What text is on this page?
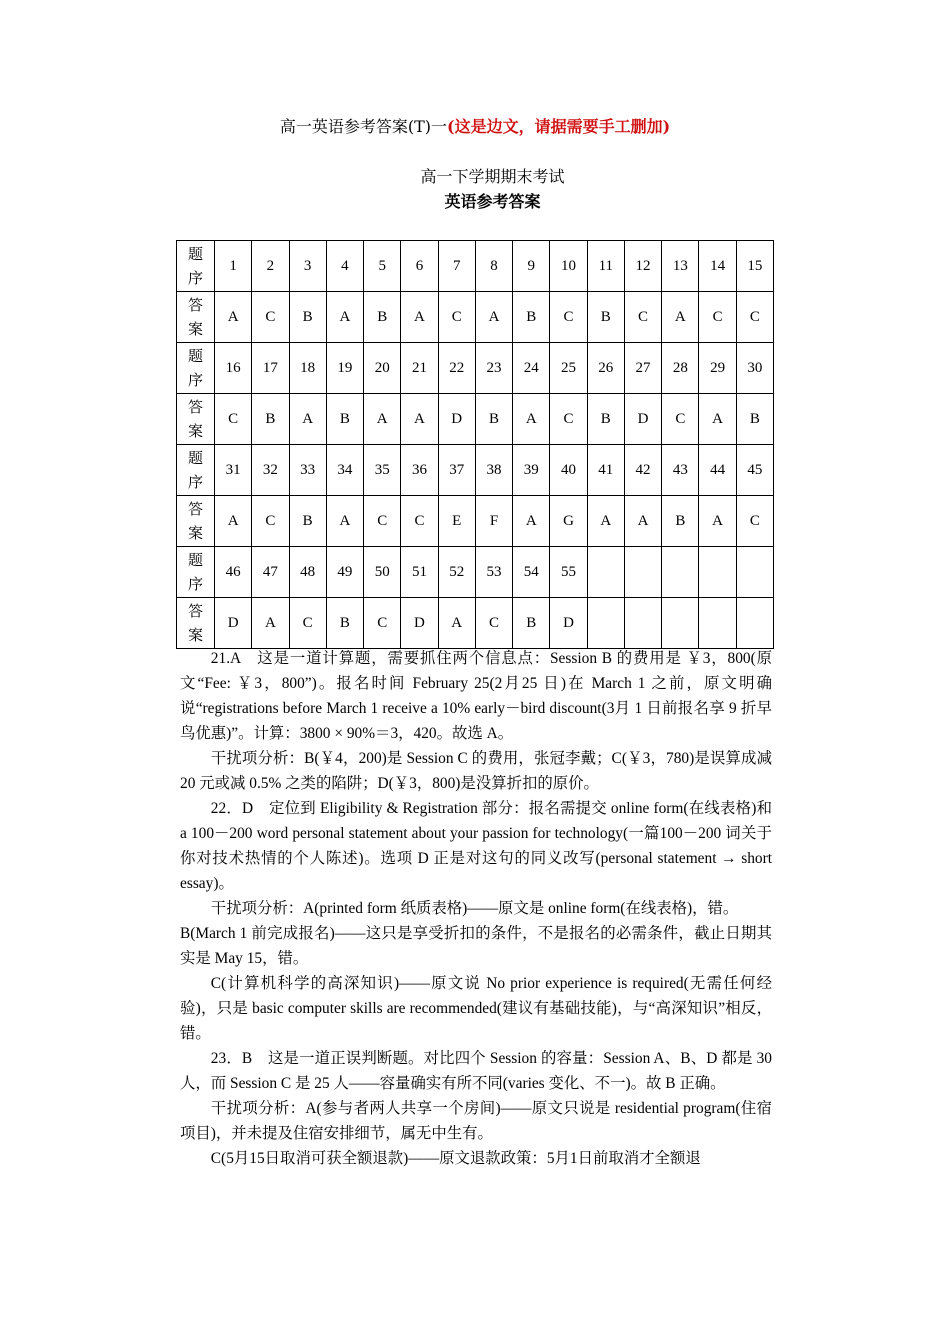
高一英语参考答案(T)一(这是边文，请据需要手工删加)
高一下学期期末考试
英语参考答案
题
序	1	2	3	4	5	6	7	8	9	10	11	12	13	14	15
答
案	A	C	B	A	B	A	C	A	B	C	B	C	A	C	C
题
序	16	17	18	19	20	21	22	23	24	25	26	27	28	29	30
答
案	C	B	A	B	A	A	D	B	A	C	B	D	C	A	B
题
序	31	32	33	34	35	36	37	38	39	40	41	42	43	44	45
答
案	A	C	B	A	C	C	E	F	A	G	A	A	B	A	C
题
序	46	47	48	49	50	51	52	53	54	55					
答
案	D	A	C	B	C	D	A	C	B	D					

21.A　这是一道计算题，需要抓住两个信息点：Session B 的费用是 ￥3，800(原文“Fee: ￥3，800”)。报名时间 February 25(2月25 日)在 March 1 之前，原文明确说“registrations before March 1 receive a 10% early－bird discount(3月 1 日前报名享 9 折早鸟优惠)”。计算：3800 × 90%＝3，420。故选 A。

干扰项分析：B(￥4，200)是 Session C 的费用，张冠李戴；C(￥3，780)是误算成减 20 元或减 0.5% 之类的陷阱；D(￥3，800)是没算折扣的原价。

22．D　定位到 Eligibility & Registration 部分：报名需提交 online form(在线表格)和 a 100－200 word personal statement about your passion for technology(一篇100－200 词关于你对技术热情的个人陈述)。选项 D 正是对这句的同义改写(personal statement → short essay)。

干扰项分析：A(printed form 纸质表格)——原文是 online form(在线表格)，错。

B(March 1 前完成报名)——这只是享受折扣的条件，不是报名的必需条件，截止日期其实是 May 15，错。

C(计算机科学的高深知识)——原文说 No prior experience is required(无需任何经验)，只是 basic computer skills are recommended(建议有基础技能)，与“高深知识”相反，错。

23．B　这是一道正误判断题。对比四个 Session 的容量：Session A、B、D 都是 30 人，而 Session C 是 25 人——容量确实有所不同(varies 变化、不一)。故 B 正确。

干扰项分析：A(参与者两人共享一个房间)——原文只说是 residential program(住宿项目)，并未提及住宿安排细节，属无中生有。

C(5月15日取消可获全额退款)——原文退款政策：5月1日前取消才全额退
